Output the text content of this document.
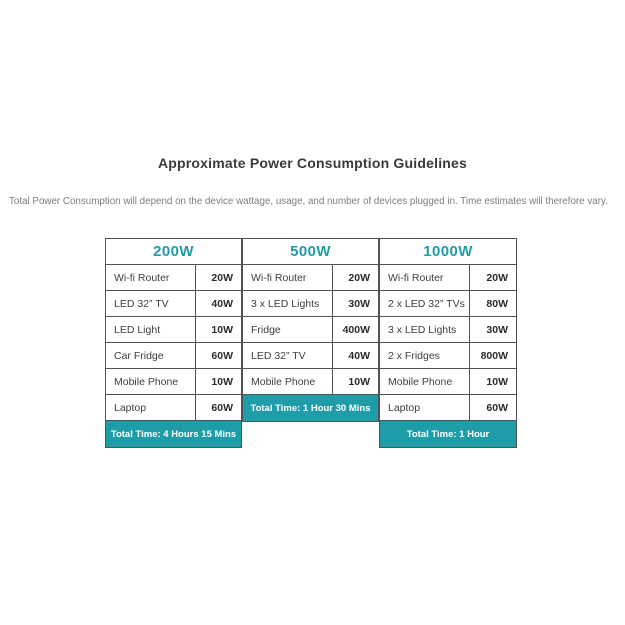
Approximate Power Consumption Guidelines
Total Power Consumption will depend on the device wattage, usage, and number of devices plugged in. Time estimates will therefore vary.
200W	
Wi-fi Router	20W
LED 32” TV	40W
LED Light	10W
Car Fridge	60W
Mobile Phone	10W
Laptop	60W
Total Time: 4 Hours 15 Mins	
500W	
Wi-fi Router	20W
3 x LED Lights	30W
Fridge	400W
LED 32” TV	40W
Mobile Phone	10W
Total Time: 1 Hour 30 Mins	
1000W	
Wi-fi Router	20W
2 x LED 32” TVs	80W
3 x LED Lights	30W
2 x Fridges	800W
Mobile Phone	10W
Laptop	60W
Total Time: 1 Hour	
